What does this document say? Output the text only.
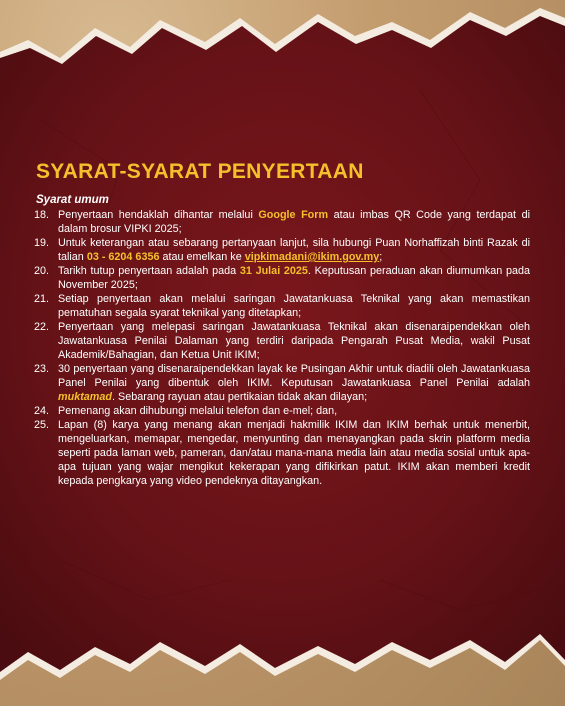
SYARAT-SYARAT PENYERTAAN
Syarat umum
18. Penyertaan hendaklah dihantar melalui Google Form atau imbas QR Code yang terdapat di dalam brosur VIPKI 2025;
19. Untuk keterangan atau sebarang pertanyaan lanjut, sila hubungi Puan Norhaffizah binti Razak di talian 03 - 6204 6356 atau emelkan ke vipkimadani@ikim.gov.my;
20. Tarikh tutup penyertaan adalah pada 31 Julai 2025. Keputusan peraduan akan diumumkan pada November 2025;
21. Setiap penyertaan akan melalui saringan Jawatankuasa Teknikal yang akan memastikan pematuhan segala syarat teknikal yang ditetapkan;
22. Penyertaan yang melepasi saringan Jawatankuasa Teknikal akan disenaraipendekkan oleh Jawatankuasa Penilai Dalaman yang terdiri daripada Pengarah Pusat Media, wakil Pusat Akademik/Bahagian, dan Ketua Unit IKIM;
23. 30 penyertaan yang disenaraipendekkan layak ke Pusingan Akhir untuk diadili oleh Jawatankuasa Panel Penilai yang dibentuk oleh IKIM. Keputusan Jawatankuasa Panel Penilai adalah muktamad. Sebarang rayuan atau pertikaian tidak akan dilayan;
24. Pemenang akan dihubungi melalui telefon dan e-mel; dan,
25. Lapan (8) karya yang menang akan menjadi hakmilik IKIM dan IKIM berhak untuk menerbit, mengeluarkan, memapar, mengedar, menyunting dan menayangkan pada skrin platform media seperti pada laman web, pameran, dan/atau mana-mana media lain atau media sosial untuk apa-apa tujuan yang wajar mengikut kekerapan yang difikirkan patut. IKIM akan memberi kredit kepada pengkarya yang video pendeknya ditayangkan.
